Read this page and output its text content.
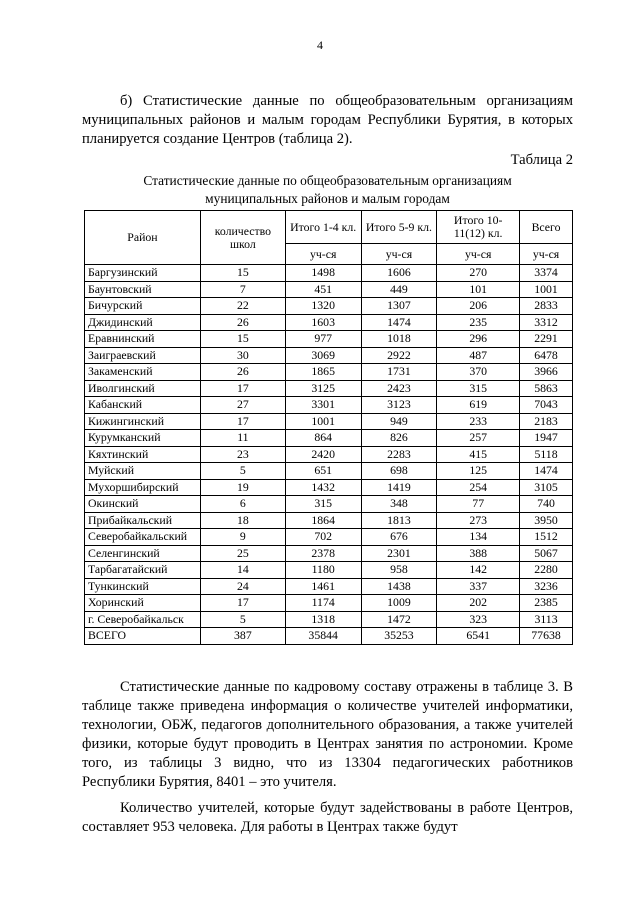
4

б) Статистические данные по общеобразовательным организациям муниципальных районов и малым городам Республики Бурятия, в которых планируется создание Центров (таблица 2).

Таблица 2
Статистические данные по общеобразовательным организациям
муниципальных районов и малым городам
Район	количество школ	Итого 1-4 кл.	Итого 5-9 кл.	Итого 10-11(12) кл.	Всего
		уч-ся	уч-ся	уч-ся	уч-ся
Баргузинский	15	1498	1606	270	3374
Баунтовский	7	451	449	101	1001
Бичурский	22	1320	1307	206	2833
Джидинский	26	1603	1474	235	3312
Еравнинский	15	977	1018	296	2291
Заиграевский	30	3069	2922	487	6478
Закаменский	26	1865	1731	370	3966
Иволгинский	17	3125	2423	315	5863
Кабанский	27	3301	3123	619	7043
Кижингинский	17	1001	949	233	2183
Курумканский	11	864	826	257	1947
Кяхтинский	23	2420	2283	415	5118
Муйский	5	651	698	125	1474
Мухоршибирский	19	1432	1419	254	3105
Окинский	6	315	348	77	740
Прибайкальский	18	1864	1813	273	3950
Северобайкальский	9	702	676	134	1512
Селенгинский	25	2378	2301	388	5067
Тарбагатайский	14	1180	958	142	2280
Тункинский	24	1461	1438	337	3236
Хоринский	17	1174	1009	202	2385
г. Северобайкальск	5	1318	1472	323	3113
ВСЕГО	387	35844	35253	6541	77638

Статистические данные по кадровому составу отражены в таблице 3. В таблице также приведена информация о количестве учителей информатики, технологии, ОБЖ, педагогов дополнительного образования, а также учителей физики, которые будут проводить в Центрах занятия по астрономии. Кроме того, из таблицы 3 видно, что из 13304 педагогических работников Республики Бурятия, 8401 – это учителя.

Количество учителей, которые будут задействованы в работе Центров, составляет 953 человека. Для работы в Центрах также будут
